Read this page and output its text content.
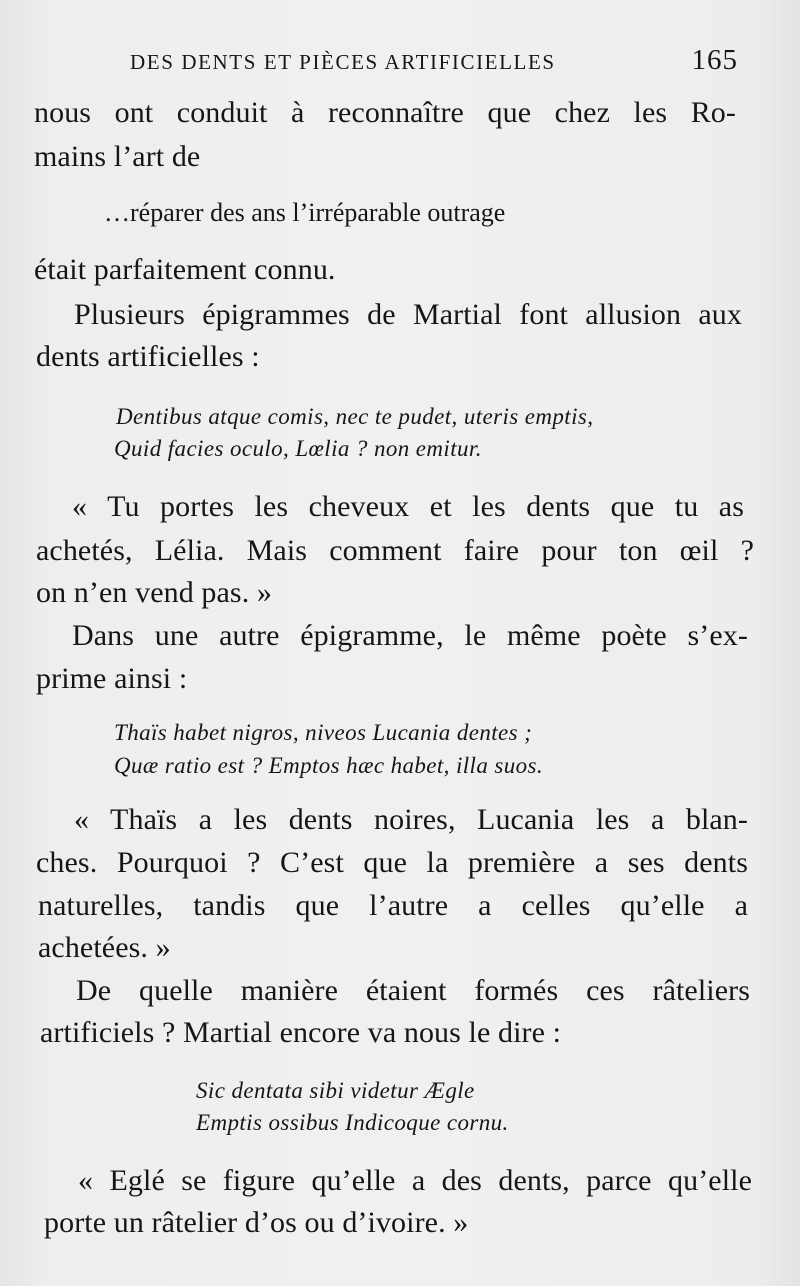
DES DENTS ET PIÈCES ARTIFICIELLES	165
nous ont conduit à reconnaître que chez les Ro-
mains l’art de
…réparer des ans l’irréparable outrage
était parfaitement connu.
Plusieurs épigrammes de Martial font allusion aux
dents artificielles :
Dentibus atque comis, nec te pudet, uteris emptis,
Quid facies oculo, Lœlia ? non emitur.
« Tu portes les cheveux et les dents que tu as
achetés, Lélia. Mais comment faire pour ton œil ?
on n’en vend pas. »
Dans une autre épigramme, le même poète s’ex-
prime ainsi :
Thaïs habet nigros, niveos Lucania dentes ;
Quæ ratio est ? Emptos hæc habet, illa suos.
« Thaïs a les dents noires, Lucania les a blan-
ches. Pourquoi ? C’est que la première a ses dents
naturelles, tandis que l’autre a celles qu’elle a
achetées. »
De quelle manière étaient formés ces râteliers
artificiels ? Martial encore va nous le dire :
Sic dentata sibi videtur Ægle
Emptis ossibus Indicoque cornu.
« Eglé se figure qu’elle a des dents, parce qu’elle
porte un râtelier d’os ou d’ivoire. »
